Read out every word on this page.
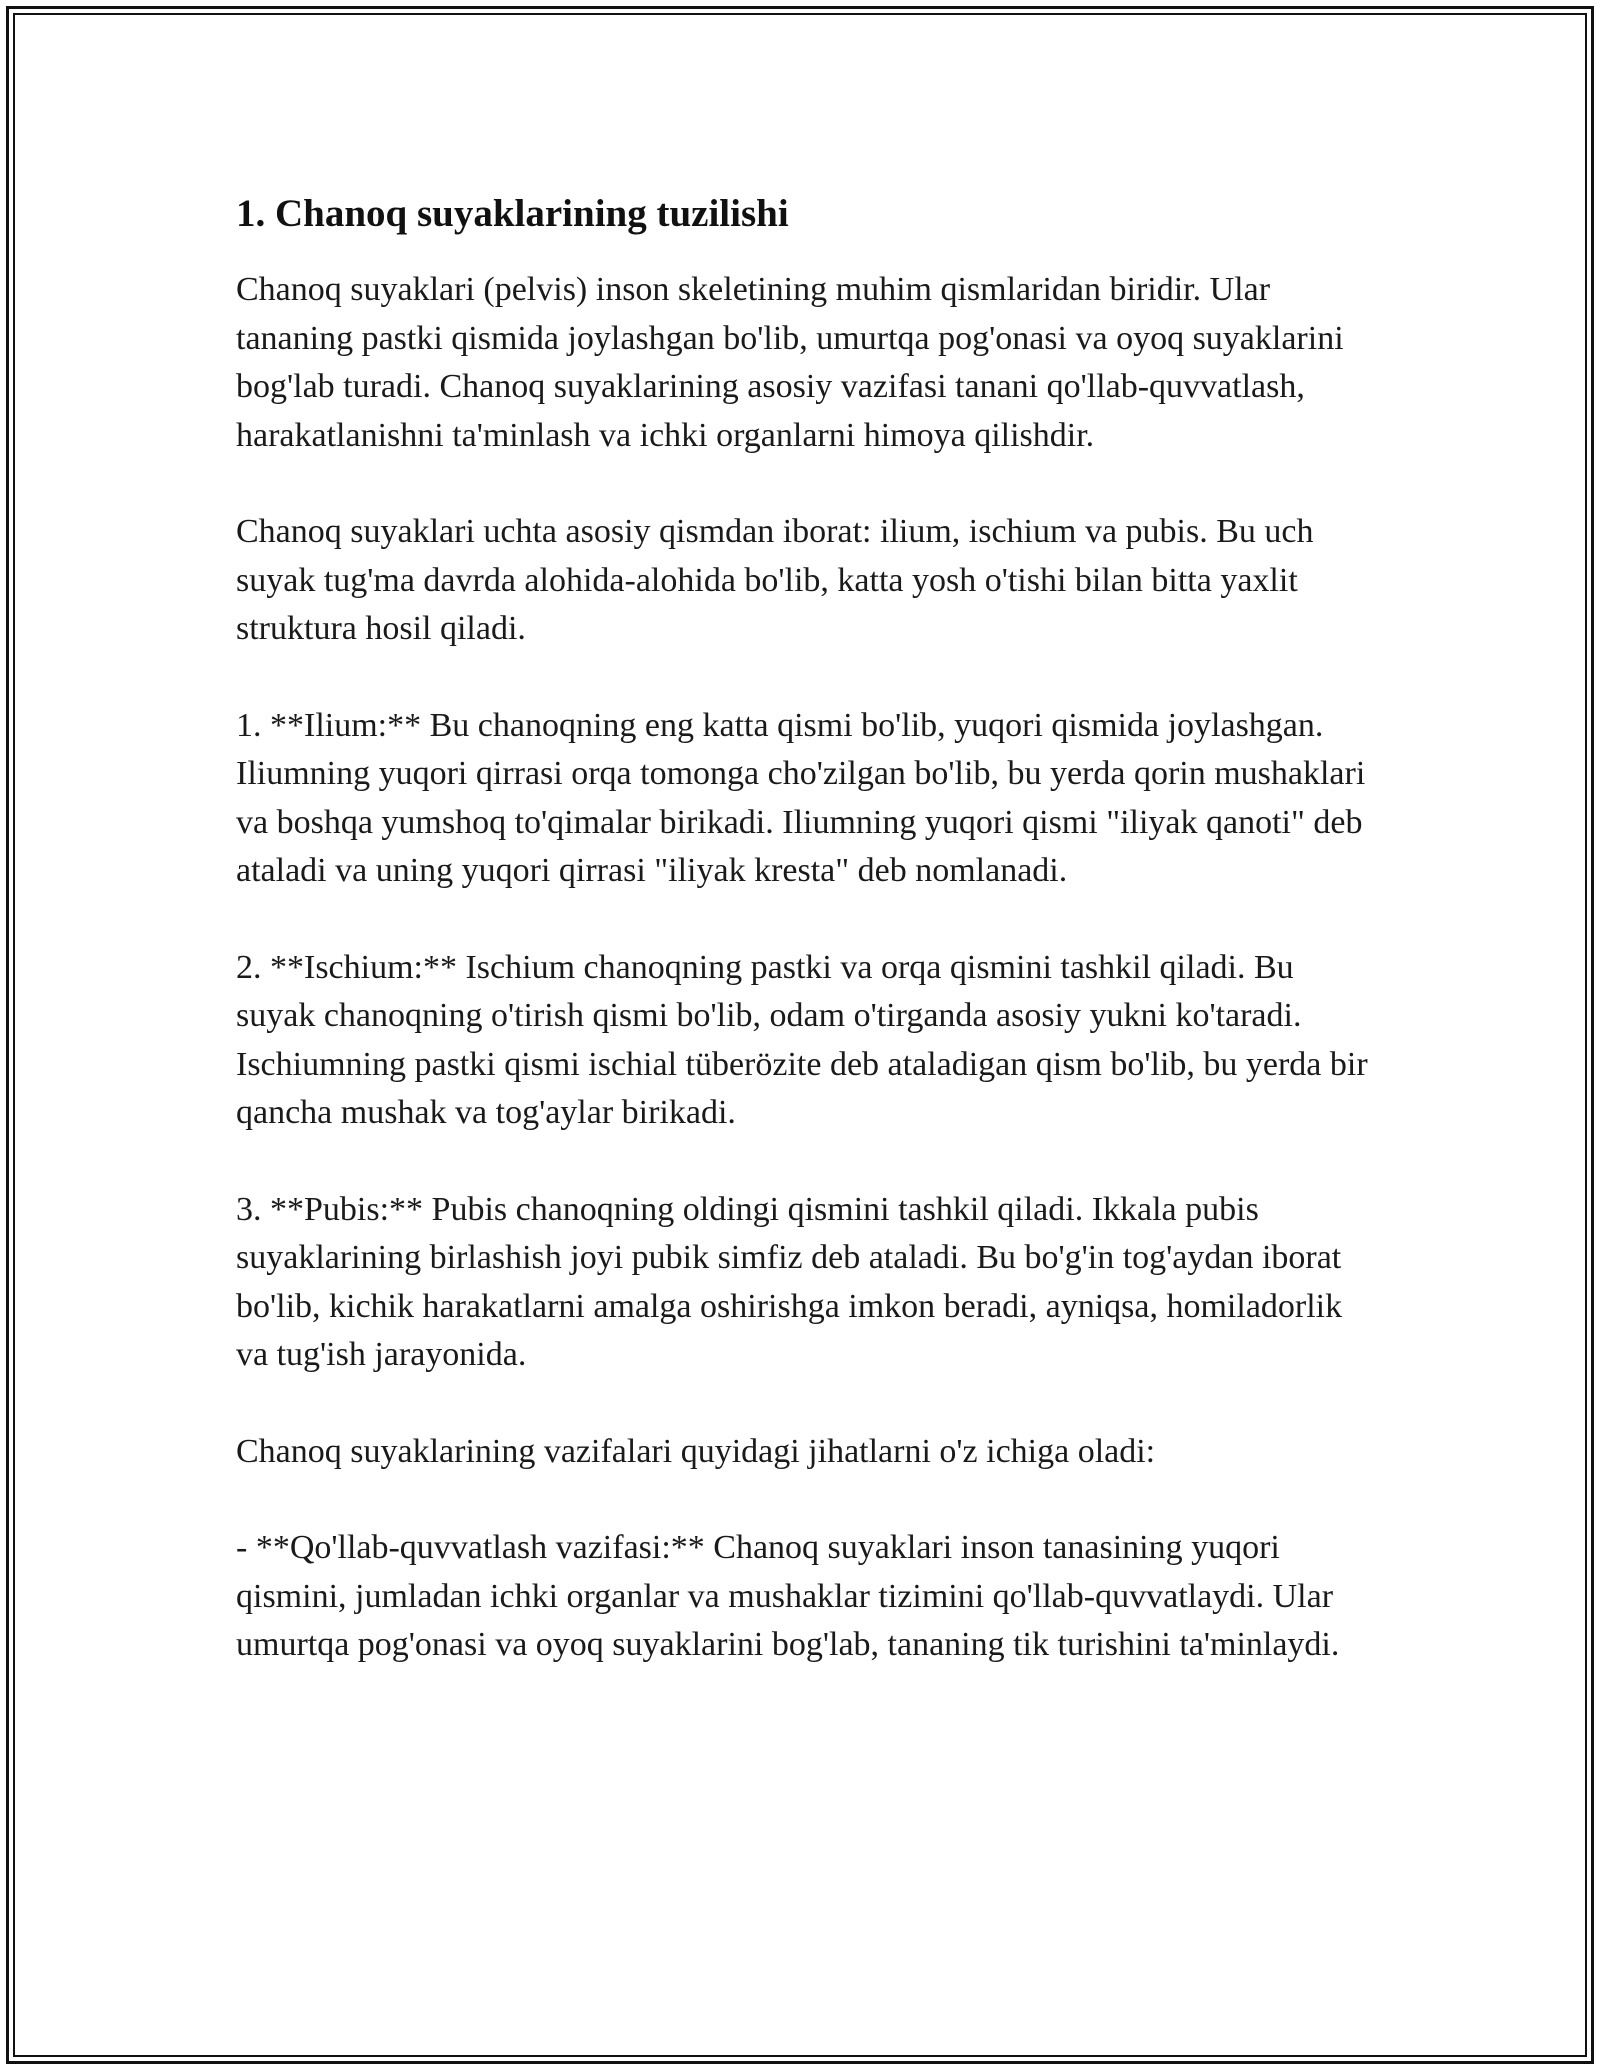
1. Chanoq suyaklarining tuzilishi

Chanoq suyaklari (pelvis) inson skeletining muhim qismlaridan biridir. Ular tananing pastki qismida joylashgan bo'lib, umurtqa pog'onasi va oyoq suyaklarini bog'lab turadi. Chanoq suyaklarining asosiy vazifasi tanani qo'llab-quvvatlash, harakatlanishni ta'minlash va ichki organlarni himoya qilishdir.

Chanoq suyaklari uchta asosiy qismdan iborat: ilium, ischium va pubis. Bu uch suyak tug'ma davrda alohida-alohida bo'lib, katta yosh o'tishi bilan bitta yaxlit struktura hosil qiladi.

1. **Ilium:** Bu chanoqning eng katta qismi bo'lib, yuqori qismida joylashgan. Iliumning yuqori qirrasi orqa tomonga cho'zilgan bo'lib, bu yerda qorin mushaklari va boshqa yumshoq to'qimalar birikadi. Iliumning yuqori qismi "iliyak qanoti" deb ataladi va uning yuqori qirrasi "iliyak kresta" deb nomlanadi.

2. **Ischium:** Ischium chanoqning pastki va orqa qismini tashkil qiladi. Bu suyak chanoqning o'tirish qismi bo'lib, odam o'tirganda asosiy yukni ko'taradi. Ischiumning pastki qismi ischial tüberözite deb ataladigan qism bo'lib, bu yerda bir qancha mushak va tog'aylar birikadi.

3. **Pubis:** Pubis chanoqning oldingi qismini tashkil qiladi. Ikkala pubis suyaklarining birlashish joyi pubik simfiz deb ataladi. Bu bo'g'in tog'aydan iborat bo'lib, kichik harakatlarni amalga oshirishga imkon beradi, ayniqsa, homiladorlik va tug'ish jarayonida.

Chanoq suyaklarining vazifalari quyidagi jihatlarni o'z ichiga oladi:

- **Qo'llab-quvvatlash vazifasi:** Chanoq suyaklari inson tanasining yuqori qismini, jumladan ichki organlar va mushaklar tizimini qo'llab-quvvatlaydi. Ular umurtqa pog'onasi va oyoq suyaklarini bog'lab, tananing tik turishini ta'minlaydi.
